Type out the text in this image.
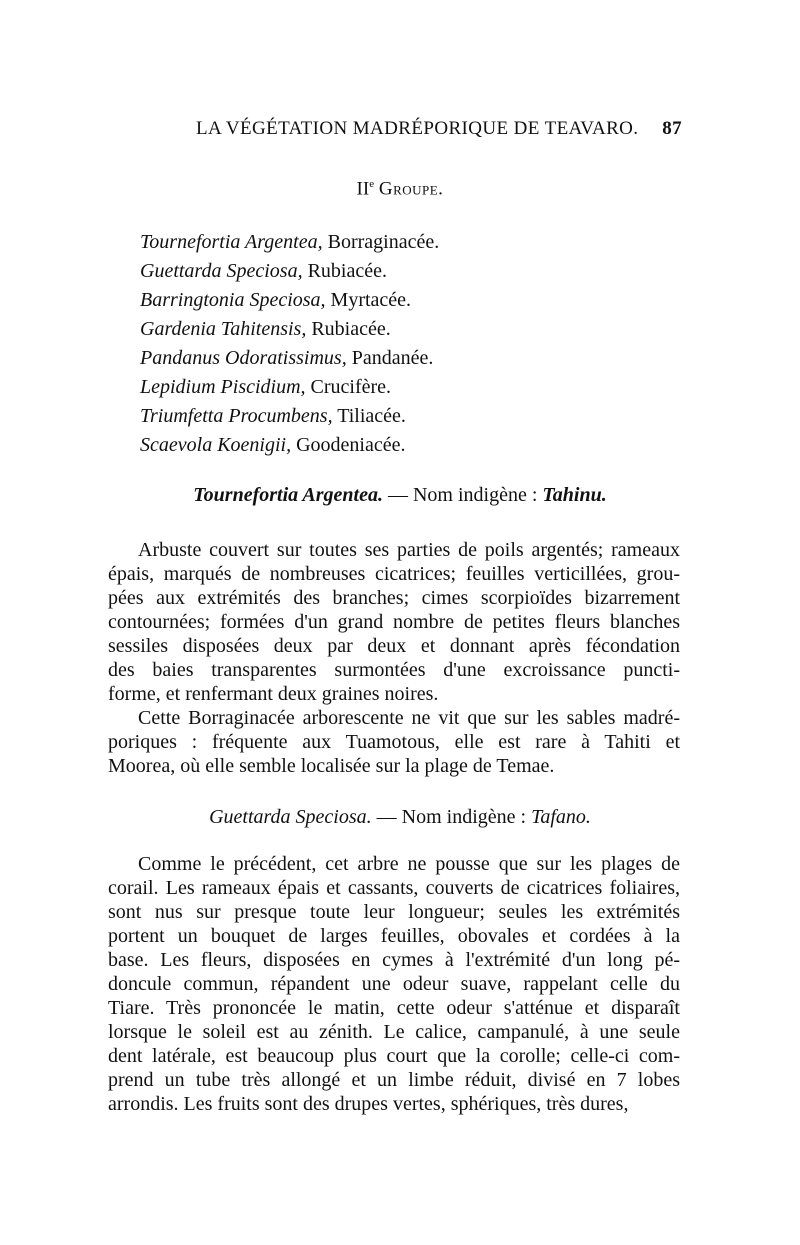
LA VÉGÉTATION MADRÉPORIQUE DE TEAVARO. 87
IIe Groupe.
Tournefortia Argentea, Borraginacée.
Guettarda Speciosa, Rubiacée.
Barringtonia Speciosa, Myrtacée.
Gardenia Tahitensis, Rubiacée.
Pandanus Odoratissimus, Pandanée.
Lepidium Piscidium, Crucifère.
Triumfetta Procumbens, Tiliacée.
Scaevola Koenigii, Goodeniacée.
Tournefortia Argentea. — Nom indigène : Tahinu.

Arbuste couvert sur toutes ses parties de poils argentés; rameaux
épais, marqués de nombreuses cicatrices; feuilles verticillées, grou-
pées aux extrémités des branches; cimes scorpioïdes bizarrement
contournées; formées d'un grand nombre de petites fleurs blanches
sessiles disposées deux par deux et donnant après fécondation
des baies transparentes surmontées d'une excroissance puncti-
forme, et renfermant deux graines noires.

Cette Borraginacée arborescente ne vit que sur les sables madré-
poriques : fréquente aux Tuamotous, elle est rare à Tahiti et
Moorea, où elle semble localisée sur la plage de Temae.

Guettarda Speciosa. — Nom indigène : Tafano.

Comme le précédent, cet arbre ne pousse que sur les plages de
corail. Les rameaux épais et cassants, couverts de cicatrices foliaires,
sont nus sur presque toute leur longueur; seules les extrémités
portent un bouquet de larges feuilles, obovales et cordées à la
base. Les fleurs, disposées en cymes à l'extrémité d'un long pé-
doncule commun, répandent une odeur suave, rappelant celle du
Tiare. Très prononcée le matin, cette odeur s'atténue et disparaît
lorsque le soleil est au zénith. Le calice, campanulé, à une seule
dent latérale, est beaucoup plus court que la corolle; celle-ci com-
prend un tube très allongé et un limbe réduit, divisé en 7 lobes
arrondis. Les fruits sont des drupes vertes, sphériques, très dures,
